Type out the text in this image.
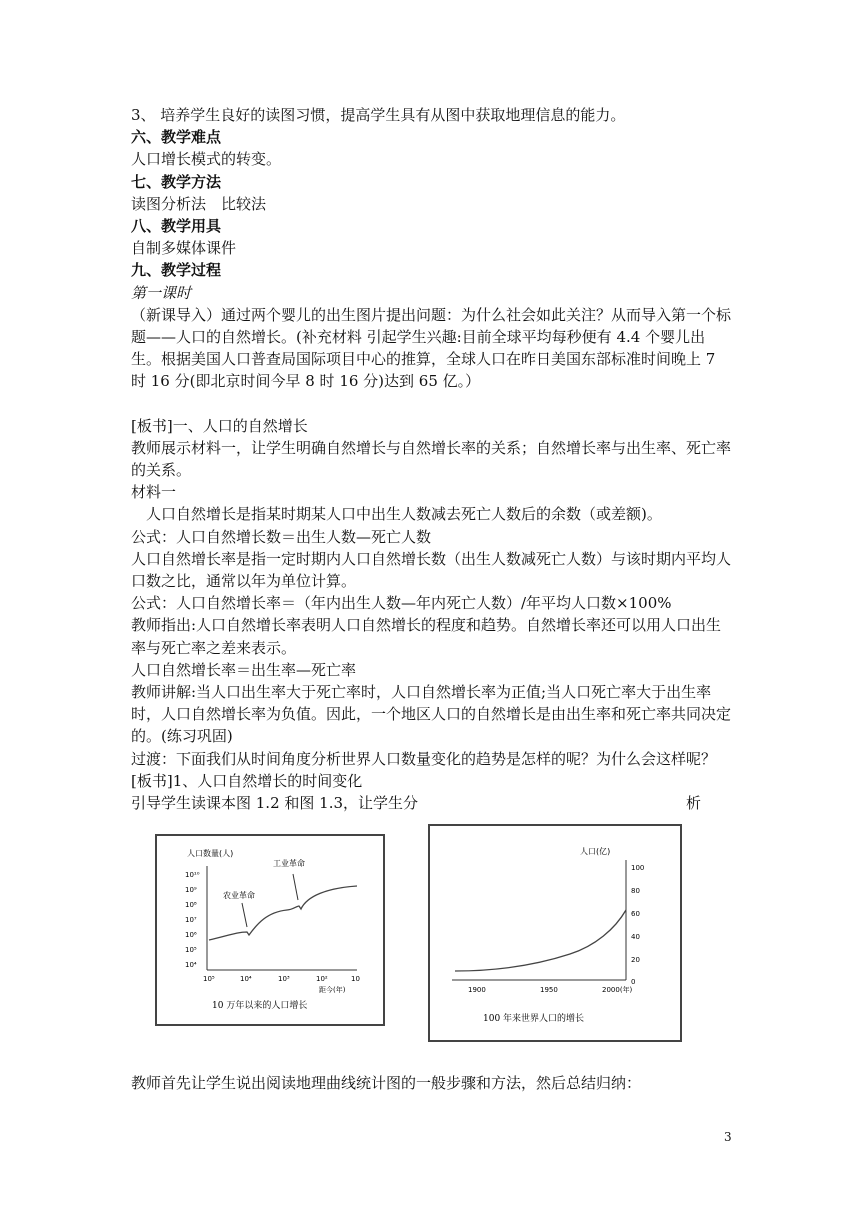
3、 培养学生良好的读图习惯，提高学生具有从图中获取地理信息的能力。
六、教学难点
人口增长模式的转变。
七、教学方法
读图分析法　比较法
八、教学用具
自制多媒体课件
九、教学过程
第一课时
（新课导入）通过两个婴儿的出生图片提出问题：为什么社会如此关注？从而导入第一个标题——人口的自然增长。(补充材料 引起学生兴趣:目前全球平均每秒便有 4.4 个婴儿出生。根据美国人口普查局国际项目中心的推算，全球人口在昨日美国东部标准时间晚上 7 时 16 分(即北京时间今早 8 时 16 分)达到 65 亿。）
[板书]一、人口的自然增长
教师展示材料一，让学生明确自然增长与自然增长率的关系；自然增长率与出生率、死亡率的关系。
材料一
人口自然增长是指某时期某人口中出生人数减去死亡人数后的余数（或差额)。
公式：人口自然增长数＝出生人数—死亡人数
人口自然增长率是指一定时期内人口自然增长数（出生人数减死亡人数）与该时期内平均人口数之比，通常以年为单位计算。
公式：人口自然增长率＝（年内出生人数—年内死亡人数）/年平均人口数×100%
教师指出:人口自然增长率表明人口自然增长的程度和趋势。自然增长率还可以用人口出生率与死亡率之差来表示。
人口自然增长率＝出生率—死亡率
教师讲解:当人口出生率大于死亡率时，人口自然增长率为正值;当人口死亡率大于出生率时，人口自然增长率为负值。因此，一个地区人口的自然增长是由出生率和死亡率共同决定的。(练习巩固)
过渡：下面我们从时间角度分析世界人口数量变化的趋势是怎样的呢？为什么会这样呢？
[板书]1、人口自然增长的时间变化
引导学生读课本图 1.2 和图 1.3，让学生分	析
人口数量(人)
10¹⁰
10⁹
10⁸
10⁷
10⁶
10⁵
10⁴
10⁵	10⁴	10³	10²	10
距今(年)
农业革命
工业革命
10 万年以来的人口增长
人口(亿)
100
80
60
40
20
0
1900	1950	2000(年)
100 年来世界人口的增长
教师首先让学生说出阅读地理曲线统计图的一般步骤和方法，然后总结归纳：
3
